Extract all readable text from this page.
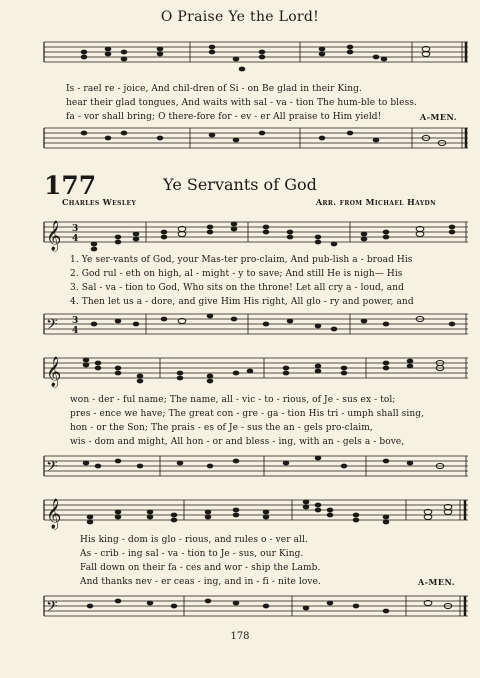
O Praise Ye the Lord!
Is - rael re - joice, And chil-dren of Si - on Be glad in their King.
hear their glad tongues, And waits with sal - va - tion The hum-ble to bless.
fa - vor shall bring; O there-fore for - ev - er All praise to Him yield!	A-MEN.
177	Ye Servants of God
Charles Wesley	Arr. from Michael Haydn
𝄞 3
4
1. Ye ser-vants of God, your Mas-ter pro-claim, And pub-lish a - broad His
2. God rul - eth on high, al - might - y to save; And still He is nigh— His
3. Sal - va - tion to God, Who sits on the throne! Let all cry a - loud, and
4. Then let us a - dore, and give Him His right, All glo - ry and power, and
𝄢 3
4
𝄞
won - der - ful name; The name, all - vic - to - rious, of Je - sus ex - tol;
pres - ence we have; The great con - gre - ga - tion His tri - umph shall sing,
hon - or the Son; The prais - es of Je - sus the an - gels pro-claim,
wis - dom and might, All hon - or and bless - ing, with an - gels a - bove,
𝄢
𝄞
His king - dom is glo - rious, and rules o - ver all.
As - crib - ing sal - va - tion to Je - sus, our King.
Fall down on their fa - ces and wor - ship the Lamb.
And thanks nev - er ceas - ing, and in - fi - nite love.	A-MEN.
𝄢
178
